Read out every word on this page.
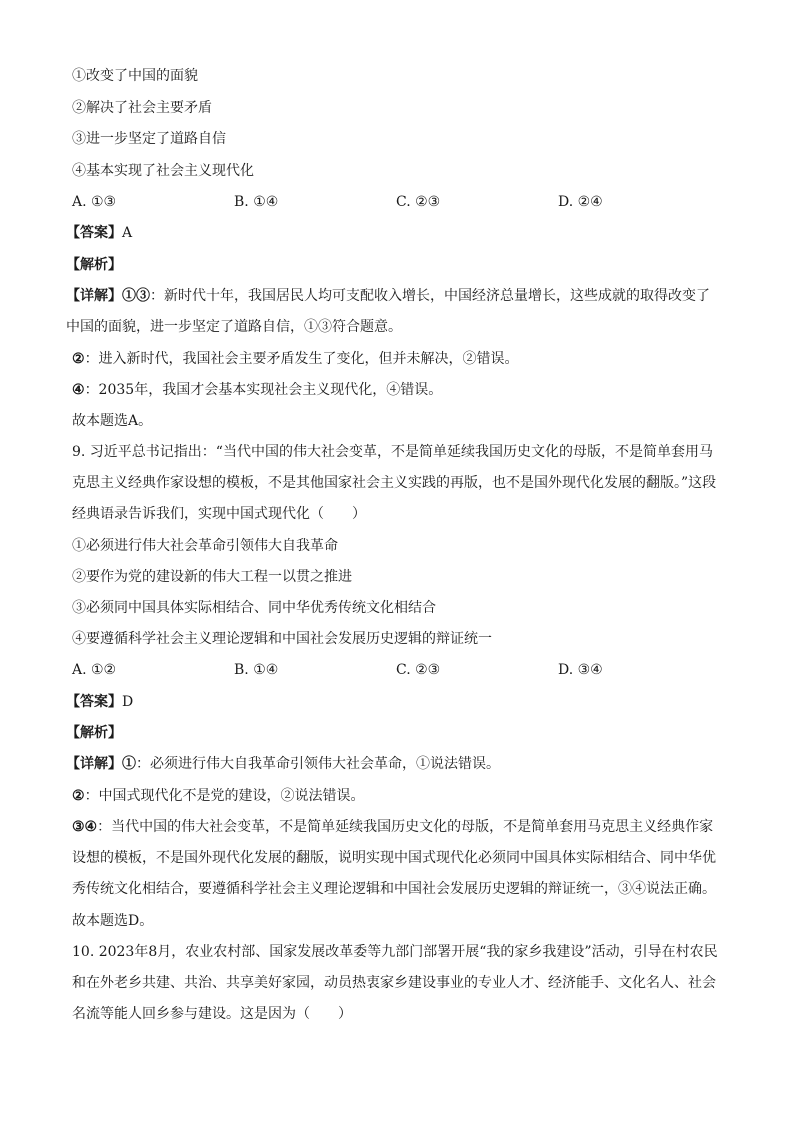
①改变了中国的面貌
②解决了社会主要矛盾
③进一步坚定了道路自信
④基本实现了社会主义现代化
A. ①③	B. ①④	C. ②③	D. ②④
【答案】A
【解析】
【详解】①③：新时代十年，我国居民人均可支配收入增长，中国经济总量增长，这些成就的取得改变了中国的面貌，进一步坚定了道路自信，①③符合题意。
②：进入新时代，我国社会主要矛盾发生了变化，但并未解决，②错误。
④：2035年，我国才会基本实现社会主义现代化，④错误。
故本题选A。
9. 习近平总书记指出：“当代中国的伟大社会变革，不是简单延续我国历史文化的母版，不是简单套用马克思主义经典作家设想的模板，不是其他国家社会主义实践的再版，也不是国外现代化发展的翻版。”这段经典语录告诉我们，实现中国式现代化（　　）
①必须进行伟大社会革命引领伟大自我革命
②要作为党的建设新的伟大工程一以贯之推进
③必须同中国具体实际相结合、同中华优秀传统文化相结合
④要遵循科学社会主义理论逻辑和中国社会发展历史逻辑的辩证统一
A. ①②	B. ①④	C. ②③	D. ③④
【答案】D
【解析】
【详解】①：必须进行伟大自我革命引领伟大社会革命，①说法错误。
②：中国式现代化不是党的建设，②说法错误。
③④：当代中国的伟大社会变革，不是简单延续我国历史文化的母版，不是简单套用马克思主义经典作家设想的模板，不是国外现代化发展的翻版，说明实现中国式现代化必须同中国具体实际相结合、同中华优秀传统文化相结合，要遵循科学社会主义理论逻辑和中国社会发展历史逻辑的辩证统一，③④说法正确。
故本题选D。
10. 2023年8月，农业农村部、国家发展改革委等九部门部署开展“我的家乡我建设”活动，引导在村农民和在外老乡共建、共治、共享美好家园，动员热衷家乡建设事业的专业人才、经济能手、文化名人、社会名流等能人回乡参与建设。这是因为（　　）
